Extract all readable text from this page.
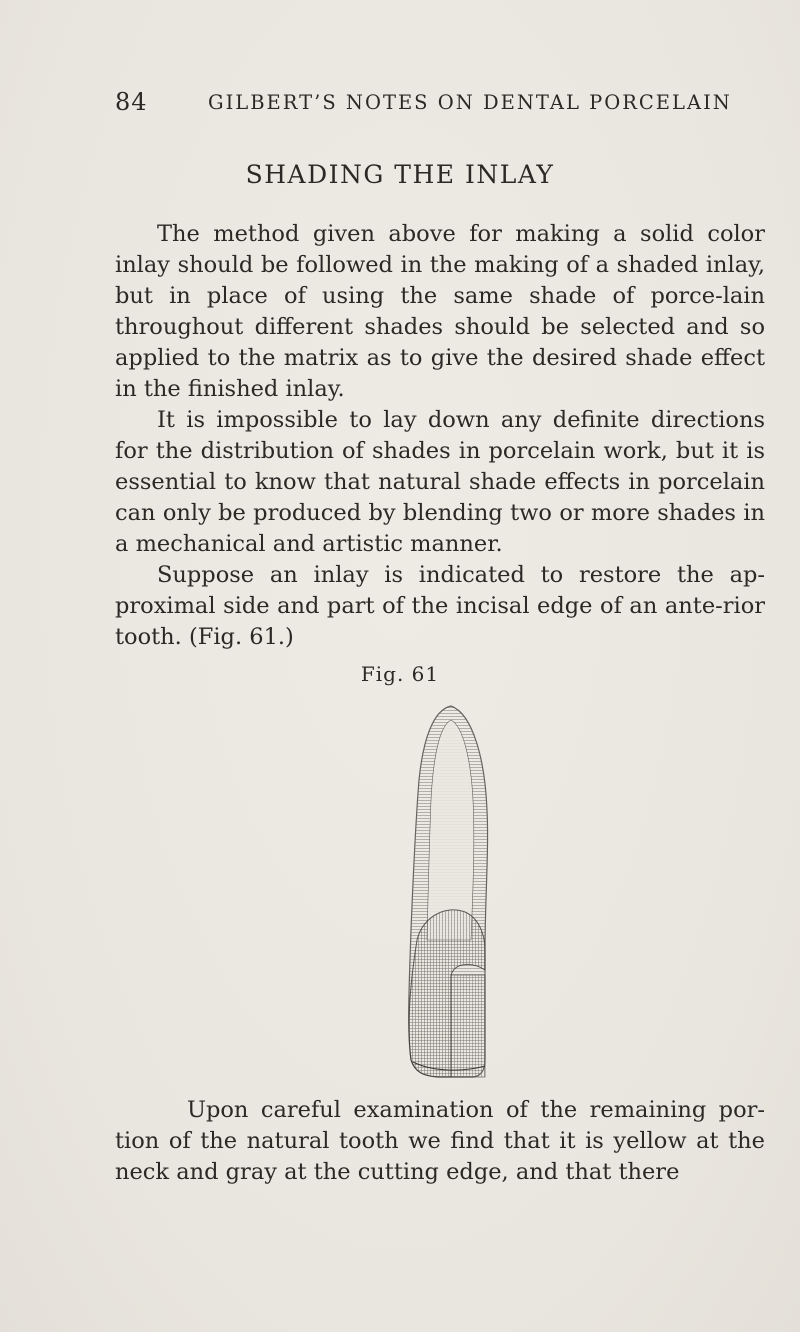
84	GILBERT’S NOTES ON DENTAL PORCELAIN
SHADING THE INLAY

The method given above for making a solid color inlay should be followed in the making of a shaded inlay, but in place of using the same shade of porce-lain throughout different shades should be selected and so applied to the matrix as to give the desired shade effect in the finished inlay.

It is impossible to lay down any definite directions for the distribution of shades in porcelain work, but it is essential to know that natural shade effects in porcelain can only be produced by blending two or more shades in a mechanical and artistic manner.

Suppose an inlay is indicated to restore the ap-proximal side and part of the incisal edge of an ante-rior tooth. (Fig. 61.)

Fig. 61

Upon careful examination of the remaining por-tion of the natural tooth we find that it is yellow at the neck and gray at the cutting edge, and that there
